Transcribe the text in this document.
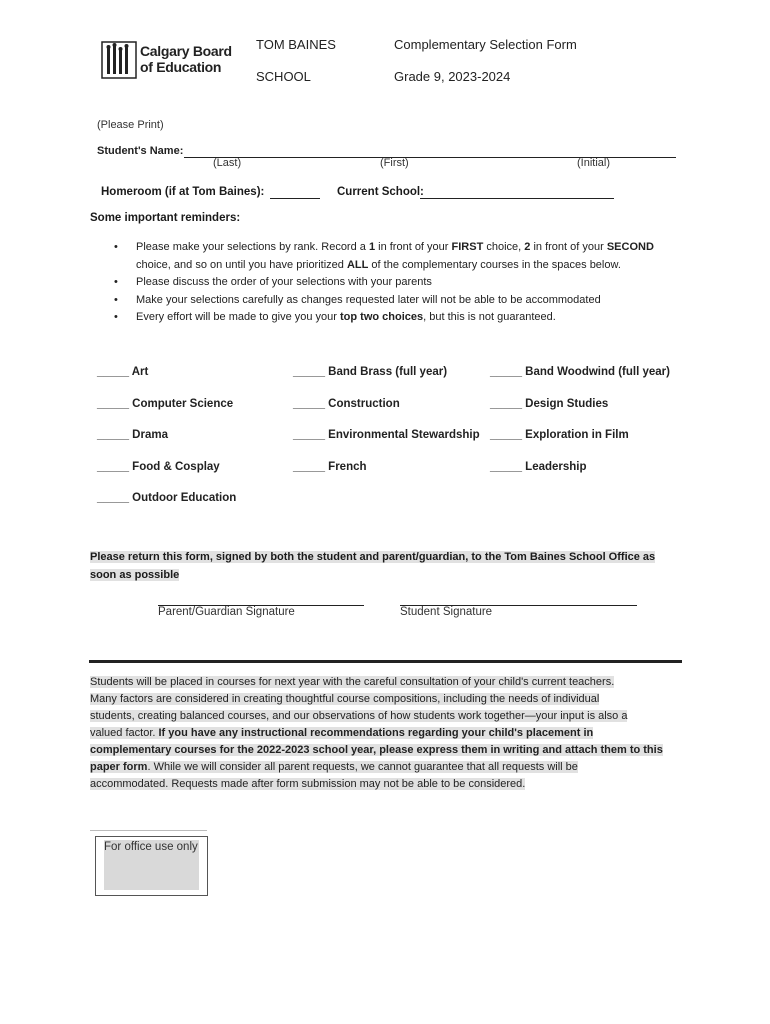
Calgary Board
of Education
TOM BAINES
SCHOOL
Complementary Selection Form
Grade 9, 2023-2024
(Please Print)
Student's Name:
(Last)	(First)	(Initial)
Homeroom (if at Tom Baines):	Current School:
Some important reminders:
• Please make your selections by rank. Record a 1 in front of your FIRST choice, 2 in front of your SECOND
choice, and so on until you have prioritized ALL of the complementary courses in the spaces below.
• Please discuss the order of your selections with your parents
• Make your selections carefully as changes requested later will not be able to be accommodated
• Every effort will be made to give you your top two choices, but this is not guaranteed.
_____ Art	_____ Band Brass (full year)	_____ Band Woodwind (full year)
_____ Computer Science	_____ Construction	_____ Design Studies
_____ Drama	_____ Environmental Stewardship _____ Exploration in Film
_____ Food & Cosplay	_____ French	_____ Leadership
_____ Outdoor Education
Please return this form, signed by both the student and parent/guardian, to the Tom Baines School Office as
soon as possible
Parent/Guardian Signature	Student Signature
Students will be placed in courses for next year with the careful consultation of your child's current teachers.
Many factors are considered in creating thoughtful course compositions, including the needs of individual
students, creating balanced courses, and our observations of how students work together—your input is also a
valued factor. If you have any instructional recommendations regarding your child's placement in
complementary courses for the 2022-2023 school year, please express them in writing and attach them to this
paper form. While we will consider all parent requests, we cannot guarantee that all requests will be
accommodated. Requests made after form submission may not be able to be considered.
For office use only
